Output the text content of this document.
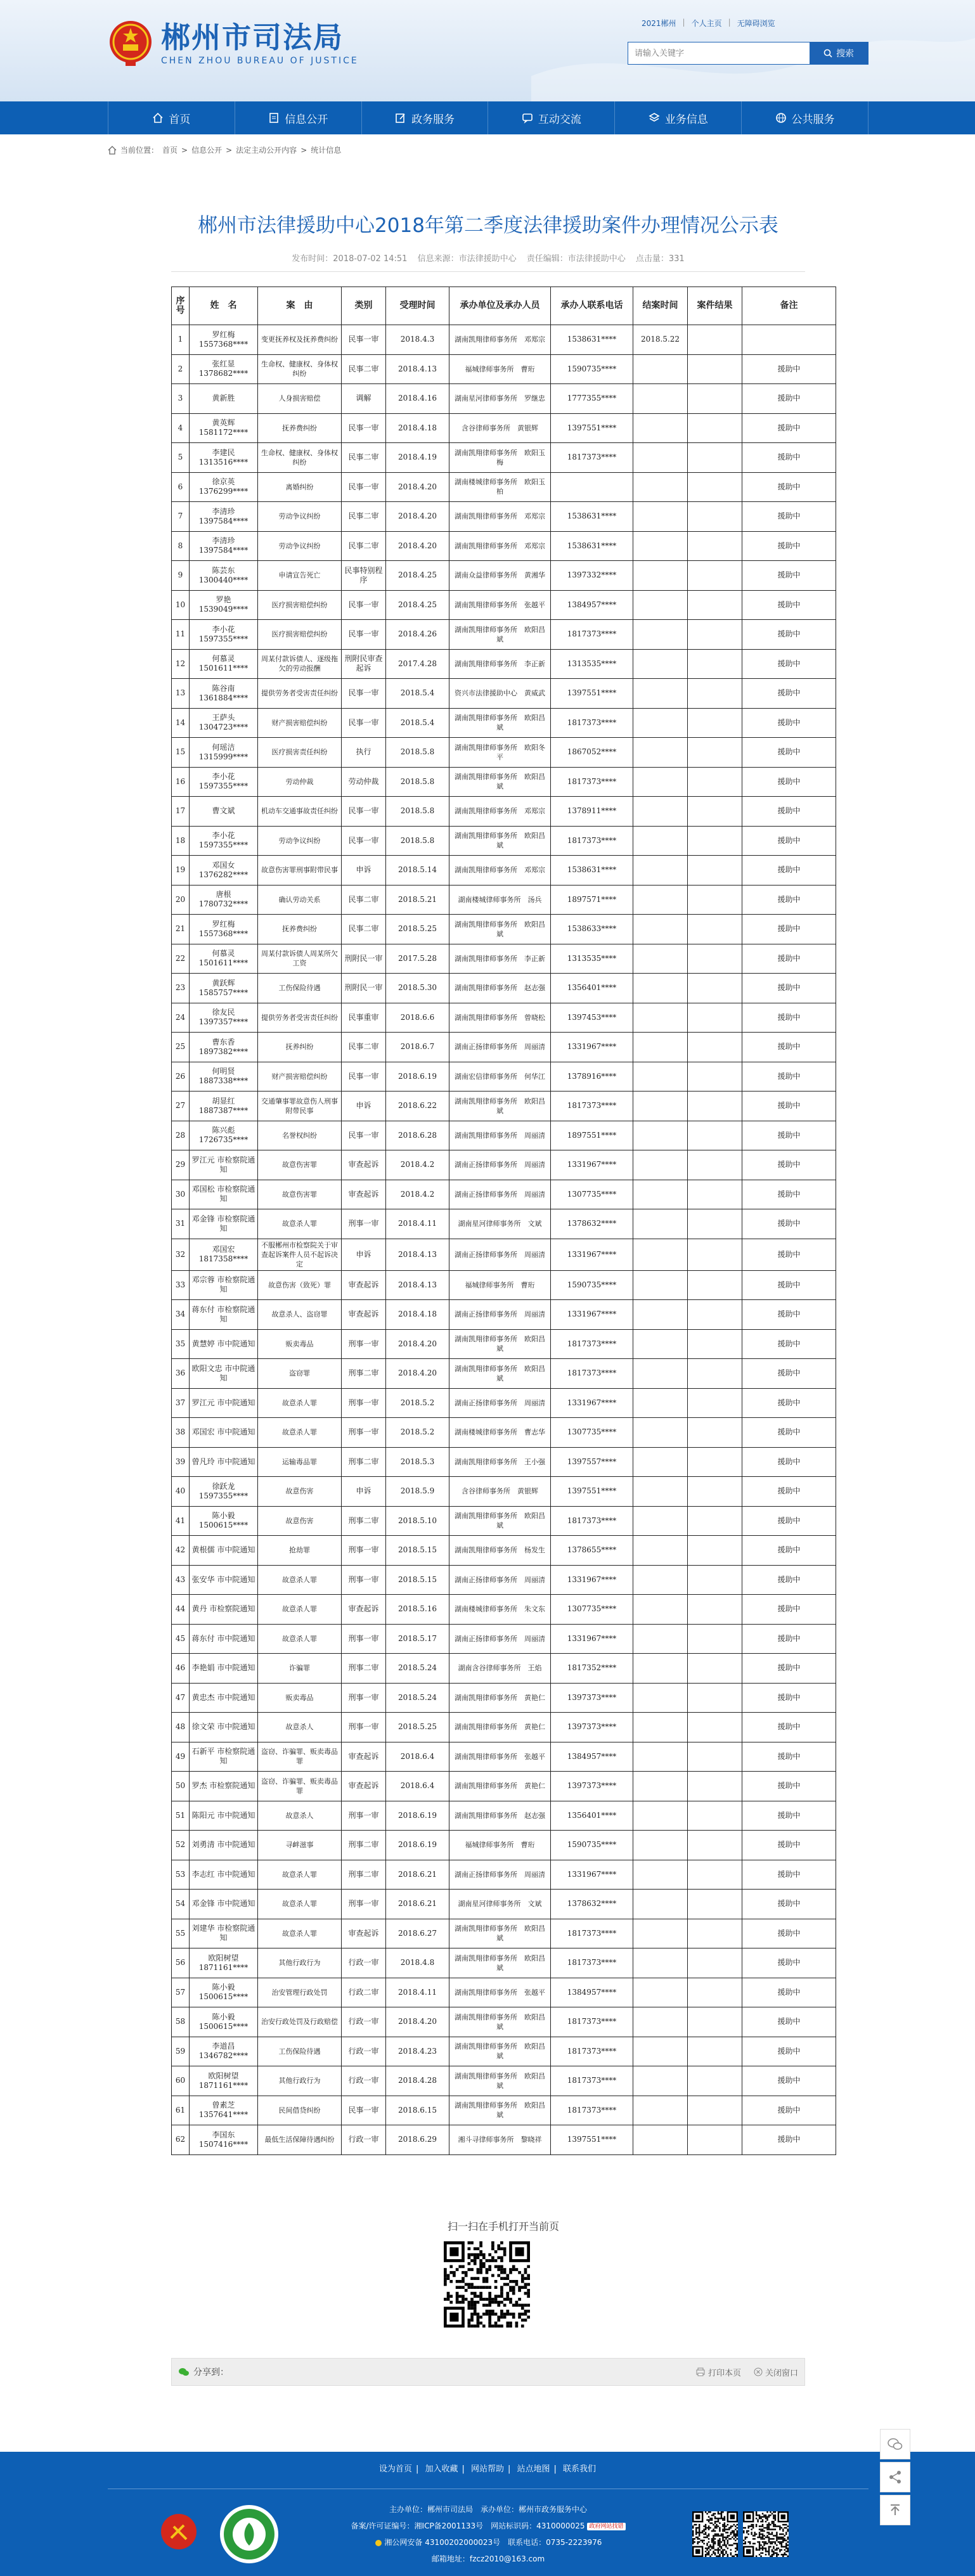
郴州市司法局
CHEN ZHOU BUREAU OF JUSTICE
2021郴州 | 个人主页 | 无障碍浏览
请输入关键字
搜索
首页	信息公开	政务服务	互动交流	业务信息	公共服务
当前位置： 首页 > 信息公开 > 法定主动公开内容 > 统计信息
郴州市法律援助中心2018年第二季度法律援助案件办理情况公示表
发布时间：2018-07-02 14:51 信息来源：市法律援助中心 责任编辑：市法律援助中心 点击量：331
序号	姓　名	案　由	类别	受理时间	承办单位及承办人员	承办人联系电话	结案时间	案件结果	备注
1	罗红梅 1557368****	变更抚养权及抚养费纠纷	民事一审	2018.4.3	湖南凯翔律师事务所　邓郑宗	1538631****	2018.5.22		
2	张红显 1378682****	生命权、健康权、身体权纠纷	民事二审	2018.4.13	福城律师事务所　曹珩	1590735****			援助中
3	黄新胜	人身损害赔偿	调解	2018.4.16	湖南星河律师事务所　罗继忠	1777355****			援助中
4	黄英辉 1581172****	抚养费纠纷	民事一审	2018.4.18	含谷律师事务所　黄银辉	1397551****			援助中
5	李建民 1313516****	生命权、健康权、身体权纠纷	民事二审	2018.4.19	湖南凯翔律师事务所　欧阳玉梅	1817373****			援助中
6	徐京英 1376299****	离婚纠纷	民事一审	2018.4.20	湖南楼城律师事务所　欧阳玉柏				援助中
7	李清珍 1397584****	劳动争议纠纷	民事二审	2018.4.20	湖南凯翔律师事务所　邓郑宗	1538631****			援助中
8	李清珍 1397584****	劳动争议纠纷	民事二审	2018.4.20	湖南凯翔律师事务所　邓郑宗	1538631****			援助中
9	陈芸东 1300440****	申请宣告死亡	民事特别程序	2018.4.25	湖南众益律师事务所　黄湘华	1397332****			援助中
10	罗艳 1539049****	医疗损害赔偿纠纷	民事一审	2018.4.25	湖南凯翔律师事务所　张越平	1384957****			援助中
11	李小花 1597355****	医疗损害赔偿纠纷	民事一审	2018.4.26	湖南凯翔律师事务所　欧阳昌斌	1817373****			援助中
12	何慕灵 1501611****	周某付款诉债人、逐级拖欠的劳动报酬	刑附民审查起诉	2017.4.28	湖南凯翔律师事务所　李正新	1313535****			援助中
13	陈谷南 1361884****	提供劳务者受害责任纠纷	民事一审	2018.5.4	资兴市法律援助中心　黄威武	1397551****			援助中
14	王萨头 1304723****	财产损害赔偿纠纷	民事一审	2018.5.4	湖南凯翔律师事务所　欧阳昌斌	1817373****			援助中
15	何瑶洁 1315999****	医疗损害责任纠纷	执行	2018.5.8	湖南凯翔律师事务所　欧阳冬平	1867052****			援助中
16	李小花 1597355****	劳动仲裁	劳动仲裁	2018.5.8	湖南凯翔律师事务所　欧阳昌斌	1817373****			援助中
17	曹文斌	机动车交通事故责任纠纷	民事一审	2018.5.8	湖南凯翔律师事务所　邓郑宗	1378911****			援助中
18	李小花 1597355****	劳动争议纠纷	民事一审	2018.5.8	湖南凯翔律师事务所　欧阳昌斌	1817373****			援助中
19	邓国女 1376282****	故意伤害罪刑事附带民事	申诉	2018.5.14	湖南凯翔律师事务所　邓郑宗	1538631****			援助中
20	唐根 1780732****	确认劳动关系	民事二审	2018.5.21	湖南楼城律师事务所　汤兵	1897571****			援助中
21	罗红梅 1557368****	抚养费纠纷	民事二审	2018.5.25	湖南凯翔律师事务所　欧阳昌斌	1538633****			援助中
22	何慕灵 1501611****	周某付款诉债人周某所欠工资	刑附民一审	2017.5.28	湖南凯翔律师事务所　李正新	1313535****			援助中
23	黄跃辉 1585757****	工伤保险待遇	刑附民一审	2018.5.30	湖南凯翔律师事务所　赵志强	1356401****			援助中
24	徐友民 1397357****	提供劳务者受害责任纠纷	民事重审	2018.6.6	湖南凯翔律师事务所　曾晓松	1397453****			援助中
25	曹东香 1897382****	抚养纠纷	民事二审	2018.6.7	湖南正扬律师事务所　周丽清	1331967****			援助中
26	何明贤 1887338****	财产损害赔偿纠纷	民事一审	2018.6.19	湖南宏信律师事务所　何华江	1378916****			援助中
27	胡显红 1887387****	交通肇事罪故意伤人刑事附带民事	申诉	2018.6.22	湖南凯翔律师事务所　欧阳昌斌	1817373****			援助中
28	陈兴彪 1726735****	名誉权纠纷	民事一审	2018.6.28	湖南凯翔律师事务所　周丽清	1897551****			援助中
29	罗江元 市检察院通知	故意伤害罪	审查起诉	2018.4.2	湖南正扬律师事务所　周丽清	1331967****			援助中
30	邓国松 市检察院通知	故意伤害罪	审查起诉	2018.4.2	湖南正扬律师事务所　周丽清	1307735****			援助中
31	邓金锋 市检察院通知	故意杀人罪	刑事一审	2018.4.11	湖南星河律师事务所　文斌	1378632****			援助中
32	邓国宏 1817358****	不服郴州市检察院关于审查起诉案件人员不起诉决定	申诉	2018.4.13	湖南正扬律师事务所　周丽清	1331967****			援助中
33	邓宗蓉 市检察院通知	故意伤害（致死）罪	审查起诉	2018.4.13	福城律师事务所　曹珩	1590735****			援助中
34	蒋东付 市检察院通知	故意杀人、盗窃罪	审查起诉	2018.4.18	湖南正扬律师事务所　周丽清	1331967****			援助中
35	黄慧婷 市中院通知	贩卖毒品	刑事一审	2018.4.20	湖南凯翔律师事务所　欧阳昌斌	1817373****			援助中
36	欧阳文忠 市中院通知	盗窃罪	刑事二审	2018.4.20	湖南凯翔律师事务所　欧阳昌斌	1817373****			援助中
37	罗江元 市中院通知	故意杀人罪	刑事一审	2018.5.2	湖南正扬律师事务所　周丽清	1331967****			援助中
38	邓国宏 市中院通知	故意杀人罪	刑事一审	2018.5.2	湖南楼城律师事务所　曹志华	1307735****			援助中
39	曾凡玲 市中院通知	运输毒品罪	刑事二审	2018.5.3	湖南凯翔律师事务所　王小强	1397557****			援助中
40	徐跃龙 1597355****	故意伤害	申诉	2018.5.9	含谷律师事务所　黄银辉	1397551****			援助中
41	陈小毅 1500615****	故意伤害	刑事二审	2018.5.10	湖南凯翔律师事务所　欧阳昌斌	1817373****			援助中
42	黄根儒 市中院通知	抢劫罪	刑事一审	2018.5.15	湖南凯翔律师事务所　杨发生	1378655****			援助中
43	张安华 市中院通知	故意杀人罪	刑事一审	2018.5.15	湖南正扬律师事务所　周丽清	1331967****			援助中
44	黄丹 市检察院通知	故意杀人罪	审查起诉	2018.5.16	湖南楼城律师事务所　朱文东	1307735****			援助中
45	蒋东付 市中院通知	故意杀人罪	刑事一审	2018.5.17	湖南正扬律师事务所　周丽清	1331967****			援助中
46	李艳娟 市中院通知	诈骗罪	刑事二审	2018.5.24	湖南含谷律师事务所　王焰	1817352****			援助中
47	黄忠杰 市中院通知	贩卖毒品	刑事一审	2018.5.24	湖南凯翔律师事务所　黄艳仁	1397373****			援助中
48	徐文荣 市中院通知	故意杀人	刑事一审	2018.5.25	湖南凯翔律师事务所　黄艳仁	1397373****			援助中
49	石新平 市检察院通知	盗窃、诈骗罪、贩卖毒品罪	审查起诉	2018.6.4	湖南凯翔律师事务所　张越平	1384957****			援助中
50	罗杰 市检察院通知	盗窃、诈骗罪、贩卖毒品罪	审查起诉	2018.6.4	湖南凯翔律师事务所　黄艳仁	1397373****			援助中
51	陈阳元 市中院通知	故意杀人	刑事一审	2018.6.19	湖南凯翔律师事务所　赵志强	1356401****			援助中
52	刘勇清 市中院通知	寻衅滋事	刑事二审	2018.6.19	福城律师事务所　曹珩	1590735****			援助中
53	李志红 市中院通知	故意杀人罪	刑事二审	2018.6.21	湖南正扬律师事务所　周丽清	1331967****			援助中
54	邓金锋 市中院通知	故意杀人罪	刑事一审	2018.6.21	湖南星河律师事务所　文斌	1378632****			援助中
55	刘建华 市检察院通知	故意杀人罪	审查起诉	2018.6.27	湖南凯翔律师事务所　欧阳昌斌	1817373****			援助中
56	欧阳树望 1871161****	其他行政行为	行政一审	2018.4.8	湖南凯翔律师事务所　欧阳昌斌	1817373****			援助中
57	陈小毅 1500615****	治安管理行政处罚	行政二审	2018.4.11	湖南凯翔律师事务所　张越平	1384957****			援助中
58	陈小毅 1500615****	治安行政处罚及行政赔偿	行政一审	2018.4.20	湖南凯翔律师事务所　欧阳昌斌	1817373****			援助中
59	李道昌 1346782****	工伤保险待遇	行政一审	2018.4.23	湖南凯翔律师事务所　欧阳昌斌	1817373****			援助中
60	欧阳树望 1871161****	其他行政行为	行政一审	2018.4.28	湖南凯翔律师事务所　欧阳昌斌	1817373****			援助中
61	曾素芝 1357641****	民间借贷纠纷	民事一审	2018.6.15	湖南凯翔律师事务所　欧阳昌斌	1817373****			援助中
62	李国东 1507416****	最低生活保障待遇纠纷	行政一审	2018.6.29	湘斗寻律师事务所　黎晓祥	1397551****			援助中
扫一扫在手机打开当前页
分享到：	打印本页	关闭窗口
设为首页 | 加入收藏 | 网站帮助 | 站点地图 | 联系我们
主办单位：郴州市司法局　承办单位：郴州市政务服务中心
备案/许可证编号：湘ICP备2001133号　网站标识码：4310000025 政府网站找错
湘公网安备 43100202000023号　联系电话：0735-2223976
邮箱地址：fzcz2010@163.com
